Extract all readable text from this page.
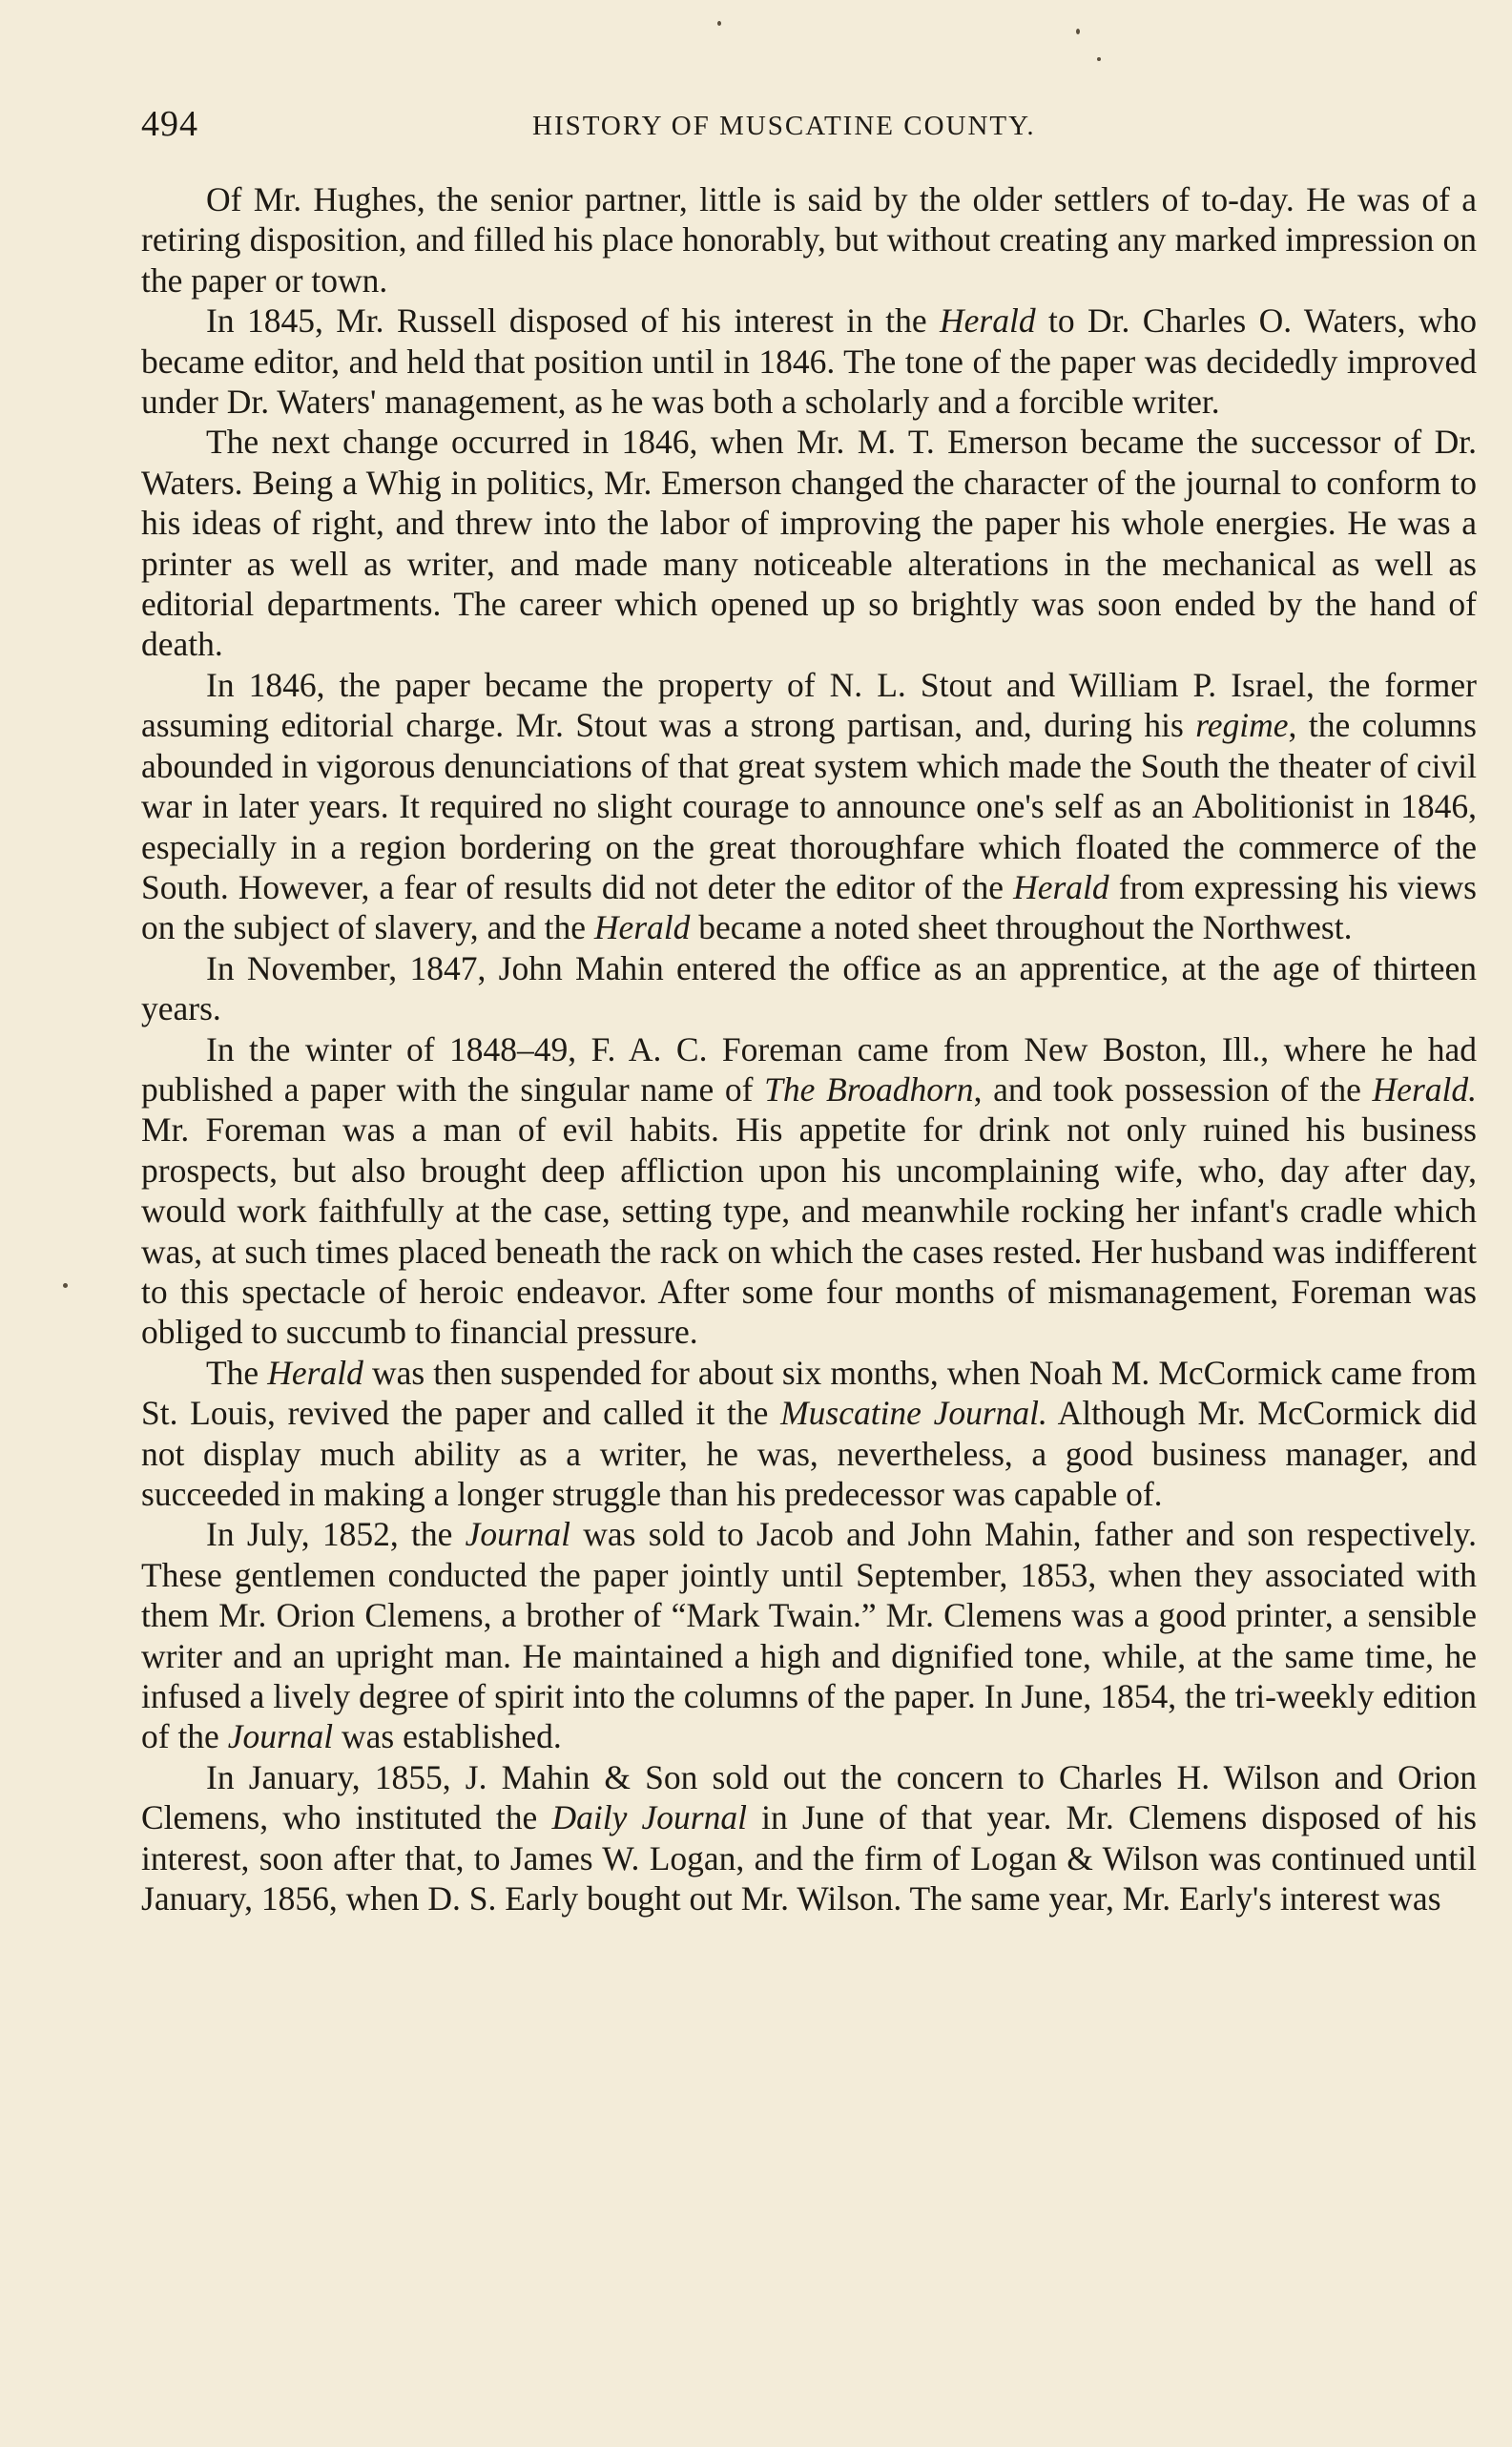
494	HISTORY OF MUSCATINE COUNTY.

Of Mr. Hughes, the senior partner, little is said by the older settlers of to-day. He was of a retiring disposition, and filled his place honorably, but without creating any marked impression on the paper or town.

In 1845, Mr. Russell disposed of his interest in the Herald to Dr. Charles O. Waters, who became editor, and held that position until in 1846. The tone of the paper was decidedly improved under Dr. Waters' management, as he was both a scholarly and a forcible writer.

The next change occurred in 1846, when Mr. M. T. Emerson became the successor of Dr. Waters. Being a Whig in politics, Mr. Emerson changed the character of the journal to conform to his ideas of right, and threw into the labor of improving the paper his whole energies. He was a printer as well as writer, and made many noticeable alterations in the mechanical as well as editorial departments. The career which opened up so brightly was soon ended by the hand of death.

In 1846, the paper became the property of N. L. Stout and William P. Israel, the former assuming editorial charge. Mr. Stout was a strong partisan, and, during his regime, the columns abounded in vigorous denunciations of that great system which made the South the theater of civil war in later years. It required no slight courage to announce one's self as an Abolitionist in 1846, especially in a region bordering on the great thoroughfare which floated the commerce of the South. However, a fear of results did not deter the editor of the Herald from expressing his views on the subject of slavery, and the Herald became a noted sheet throughout the Northwest.

In November, 1847, John Mahin entered the office as an apprentice, at the age of thirteen years.

In the winter of 1848–49, F. A. C. Foreman came from New Boston, Ill., where he had published a paper with the singular name of The Broadhorn, and took possession of the Herald. Mr. Foreman was a man of evil habits. His appetite for drink not only ruined his business prospects, but also brought deep affliction upon his uncomplaining wife, who, day after day, would work faithfully at the case, setting type, and meanwhile rocking her infant's cradle which was, at such times placed beneath the rack on which the cases rested. Her husband was indifferent to this spectacle of heroic endeavor. After some four months of mismanagement, Foreman was obliged to succumb to financial pressure.

The Herald was then suspended for about six months, when Noah M. McCormick came from St. Louis, revived the paper and called it the Muscatine Journal. Although Mr. McCormick did not display much ability as a writer, he was, nevertheless, a good business manager, and succeeded in making a longer struggle than his predecessor was capable of.

In July, 1852, the Journal was sold to Jacob and John Mahin, father and son respectively. These gentlemen conducted the paper jointly until September, 1853, when they associated with them Mr. Orion Clemens, a brother of “Mark Twain.” Mr. Clemens was a good printer, a sensible writer and an upright man. He maintained a high and dignified tone, while, at the same time, he infused a lively degree of spirit into the columns of the paper. In June, 1854, the tri-weekly edition of the Journal was established.

In January, 1855, J. Mahin & Son sold out the concern to Charles H. Wilson and Orion Clemens, who instituted the Daily Journal in June of that year. Mr. Clemens disposed of his interest, soon after that, to James W. Logan, and the firm of Logan & Wilson was continued until January, 1856, when D. S. Early bought out Mr. Wilson. The same year, Mr. Early's interest was
